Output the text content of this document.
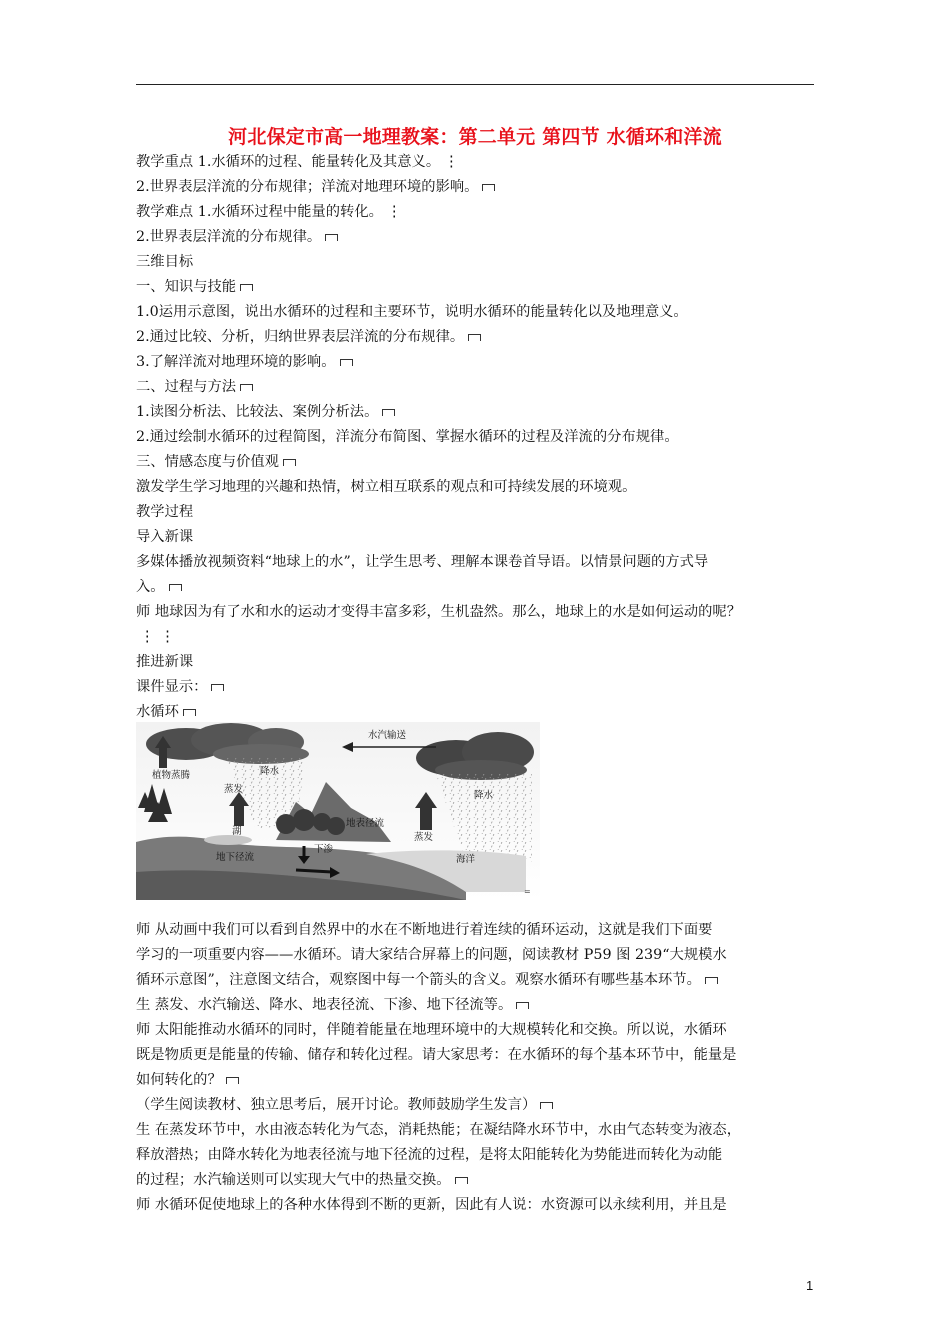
河北保定市高一地理教案：第二单元 第四节 水循环和洋流
教学重点 1.水循环的过程、能量转化及其意义。 ⋮
2.世界表层洋流的分布规律；洋流对地理环境的影响。
教学难点 1.水循环过程中能量的转化。 ⋮
2.世界表层洋流的分布规律。
三维目标
一、知识与技能
1.0运用示意图，说出水循环的过程和主要环节，说明水循环的能量转化以及地理意义。
2.通过比较、分析，归纳世界表层洋流的分布规律。
3.了解洋流对地理环境的影响。
二、过程与方法
1.读图分析法、比较法、案例分析法。
2.通过绘制水循环的过程简图，洋流分布简图、掌握水循环的过程及洋流的分布规律。
三、情感态度与价值观
激发学生学习地理的兴趣和热情，树立相互联系的观点和可持续发展的环境观。
教学过程
导入新课
多媒体播放视频资料“地球上的水”，让学生思考、理解本课卷首导语。以情景问题的方式导
入。
师 地球因为有了水和水的运动才变得丰富多彩，生机盎然。那么，地球上的水是如何运动的呢？
⋮ ⋮
推进新课
课件显示：
水循环
=
水汽输送
植物蒸腾	降水
蒸发
湖
地表径流
下渗
地下径流
降水
蒸发
海洋
师 从动画中我们可以看到自然界中的水在不断地进行着连续的循环运动，这就是我们下面要
学习的一项重要内容——水循环。请大家结合屏幕上的问题，阅读教材 P59 图 239“大规模水
循环示意图”，注意图文结合，观察图中每一个箭头的含义。观察水循环有哪些基本环节。
生 蒸发、水汽输送、降水、地表径流、下渗、地下径流等。
师 太阳能推动水循环的同时，伴随着能量在地理环境中的大规模转化和交换。所以说，水循环
既是物质更是能量的传输、储存和转化过程。请大家思考：在水循环的每个基本环节中，能量是
如何转化的？
（学生阅读教材、独立思考后，展开讨论。教师鼓励学生发言）
生 在蒸发环节中，水由液态转化为气态，消耗热能；在凝结降水环节中，水由气态转变为液态，
释放潜热；由降水转化为地表径流与地下径流的过程，是将太阳能转化为势能进而转化为动能
的过程；水汽输送则可以实现大气中的热量交换。
师 水循环促使地球上的各种水体得到不断的更新，因此有人说：水资源可以永续利用，并且是
1
